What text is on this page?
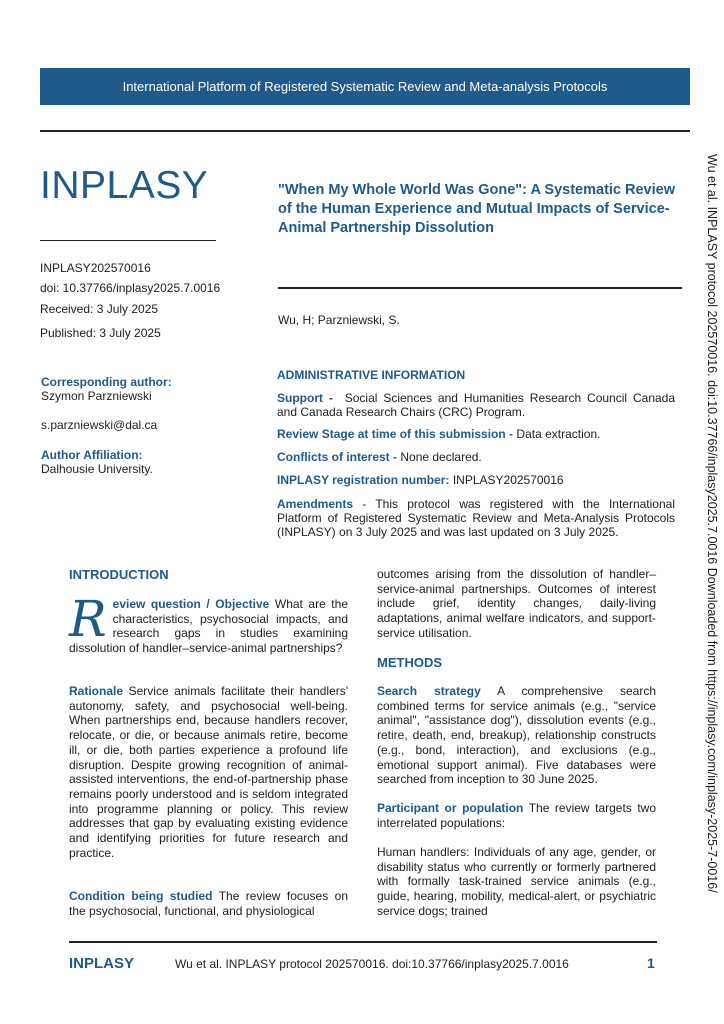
International Platform of Registered Systematic Review and Meta-analysis Protocols
INPLASY
INPLASY202570016
doi: 10.37766/inplasy2025.7.0016
Received: 3 July 2025
Published: 3 July 2025
"When My Whole World Was Gone": A Systematic Review of the Human Experience and Mutual Impacts of Service-Animal Partnership Dissolution
Wu, H; Parzniewski, S.
Corresponding author:
Szymon Parzniewski
s.parzniewski@dal.ca
Author Affiliation:
Dalhousie University.
ADMINISTRATIVE INFORMATION
Support - Social Sciences and Humanities Research Council Canada and Canada Research Chairs (CRC) Program.
Review Stage at time of this submission - Data extraction.
Conflicts of interest - None declared.
INPLASY registration number: INPLASY202570016
Amendments - This protocol was registered with the International Platform of Registered Systematic Review and Meta-Analysis Protocols (INPLASY) on 3 July 2025 and was last updated on 3 July 2025.
INTRODUCTION

Review question / Objective What are the characteristics, psychosocial impacts, and research gaps in studies examining dissolution of handler–service-animal partnerships?

Rationale Service animals facilitate their handlers' autonomy, safety, and psychosocial well-being. When partnerships end, because handlers recover, relocate, or die, or because animals retire, become ill, or die, both parties experience a profound life disruption. Despite growing recognition of animal-assisted interventions, the end-of-partnership phase remains poorly understood and is seldom integrated into programme planning or policy. This review addresses that gap by evaluating existing evidence and identifying priorities for future research and practice.

Condition being studied The review focuses on the psychosocial, functional, and physiological

outcomes arising from the dissolution of handler–service-animal partnerships. Outcomes of interest include grief, identity changes, daily-living adaptations, animal welfare indicators, and support-service utilisation.

METHODS

Search strategy A comprehensive search combined terms for service animals (e.g., "service animal", "assistance dog"), dissolution events (e.g., retire, death, end, breakup), relationship constructs (e.g., bond, interaction), and exclusions (e.g., emotional support animal). Five databases were searched from inception to 30 June 2025.

Participant or population The review targets two interrelated populations:

Human handlers: Individuals of any age, gender, or disability status who currently or formerly partnered with formally task-trained service animals (e.g., guide, hearing, mobility, medical-alert, or psychiatric service dogs; trained

Wu et al. INPLASY protocol 202570016. doi:10.37766/inplasy2025.7.0016 Downloaded from https://inplasy.com/inplasy-2025-7-0016/
INPLASY	Wu et al. INPLASY protocol 202570016. doi:10.37766/inplasy2025.7.0016	1
